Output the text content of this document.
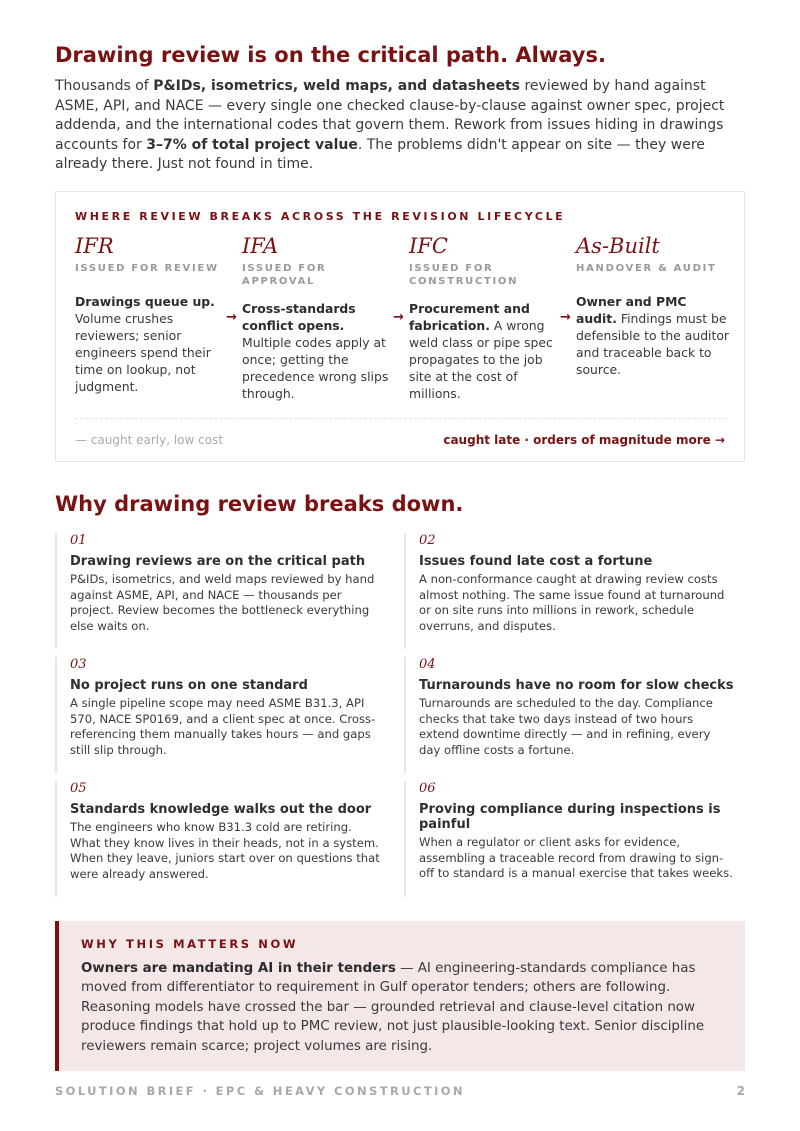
Drawing review is on the critical path. Always.

Thousands of P&IDs, isometrics, weld maps, and datasheets reviewed by hand against ASME, API, and NACE — every single one checked clause-by-clause against owner spec, project addenda, and the international codes that govern them. Rework from issues hiding in drawings accounts for 3–7% of total project value. The problems didn't appear on site — they were already there. Just not found in time.

WHERE REVIEW BREAKS ACROSS THE REVISION LIFECYCLE
IFR
ISSUED FOR REVIEW
Drawings queue up. Volume crushes reviewers; senior engineers spend their time on lookup, not judgment.
→
IFA
ISSUED FOR APPROVAL
Cross-standards conflict opens. Multiple codes apply at once; getting the precedence wrong slips through.
→
IFC
ISSUED FOR CONSTRUCTION
Procurement and fabrication. A wrong weld class or pipe spec propagates to the job site at the cost of millions.
→
As-Built
HANDOVER & AUDIT
Owner and PMC audit. Findings must be defensible to the auditor and traceable back to source.
— caught early, low cost	caught late · orders of magnitude more →
Why drawing review breaks down.
01
Drawing reviews are on the critical path
P&IDs, isometrics, and weld maps reviewed by hand against ASME, API, and NACE — thousands per project. Review becomes the bottleneck everything else waits on.
02
Issues found late cost a fortune
A non-conformance caught at drawing review costs almost nothing. The same issue found at turnaround or on site runs into millions in rework, schedule overruns, and disputes.
03
No project runs on one standard
A single pipeline scope may need ASME B31.3, API 570, NACE SP0169, and a client spec at once. Cross-referencing them manually takes hours — and gaps still slip through.
04
Turnarounds have no room for slow checks
Turnarounds are scheduled to the day. Compliance checks that take two days instead of two hours extend downtime directly — and in refining, every day offline costs a fortune.
05
Standards knowledge walks out the door
The engineers who know B31.3 cold are retiring. What they know lives in their heads, not in a system. When they leave, juniors start over on questions that were already answered.
06
Proving compliance during inspections is painful
When a regulator or client asks for evidence, assembling a traceable record from drawing to sign-off to standard is a manual exercise that takes weeks.
WHY THIS MATTERS NOW

Owners are mandating AI in their tenders — AI engineering-standards compliance has moved from differentiator to requirement in Gulf operator tenders; others are following. Reasoning models have crossed the bar — grounded retrieval and clause-level citation now produce findings that hold up to PMC review, not just plausible-looking text. Senior discipline reviewers remain scarce; project volumes are rising.

SOLUTION BRIEF · EPC & HEAVY CONSTRUCTION	2
